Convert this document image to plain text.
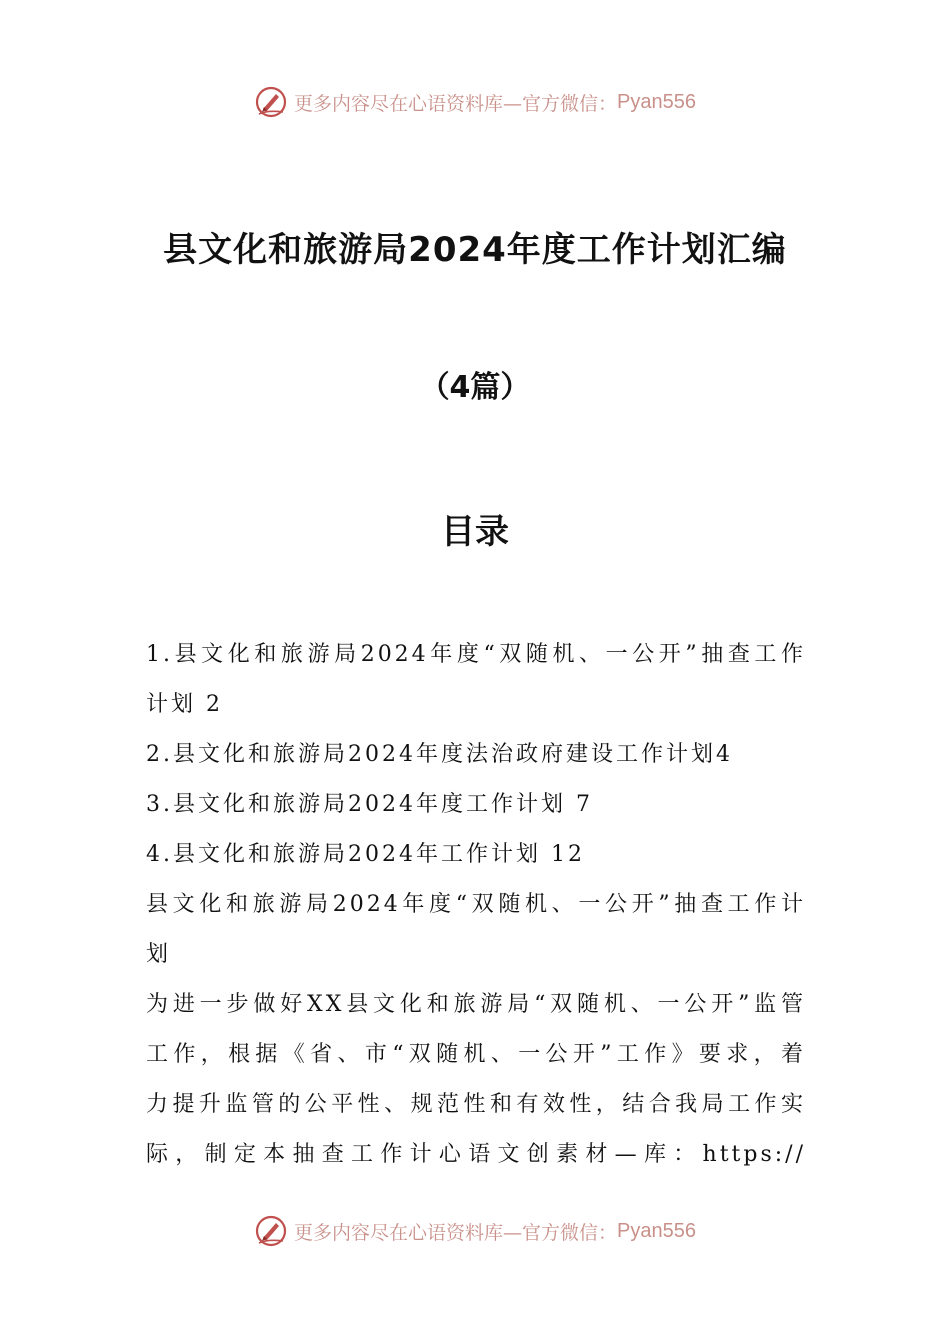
更多内容尽在心语资料库—官方微信： Pyan556
县文化和旅游局2024年度工作计划汇编
（4篇）
目录
1.县文化和旅游局2024年度“双随机、一公开”抽查工作
计划 2
2.县文化和旅游局2024年度法治政府建设工作计划4
3.县文化和旅游局2024年度工作计划 7
4.县文化和旅游局2024年工作计划 12
县文化和旅游局2024年度“双随机、一公开”抽查工作计
划
为进一步做好XX县文化和旅游局“双随机、一公开”监管
工作，根据《省、市“双随机、一公开”工作》要求，着
力提升监管的公平性、规范性和有效性，结合我局工作实
际，制定本抽查工作计心语文创素材—库：https://
更多内容尽在心语资料库—官方微信： Pyan556
